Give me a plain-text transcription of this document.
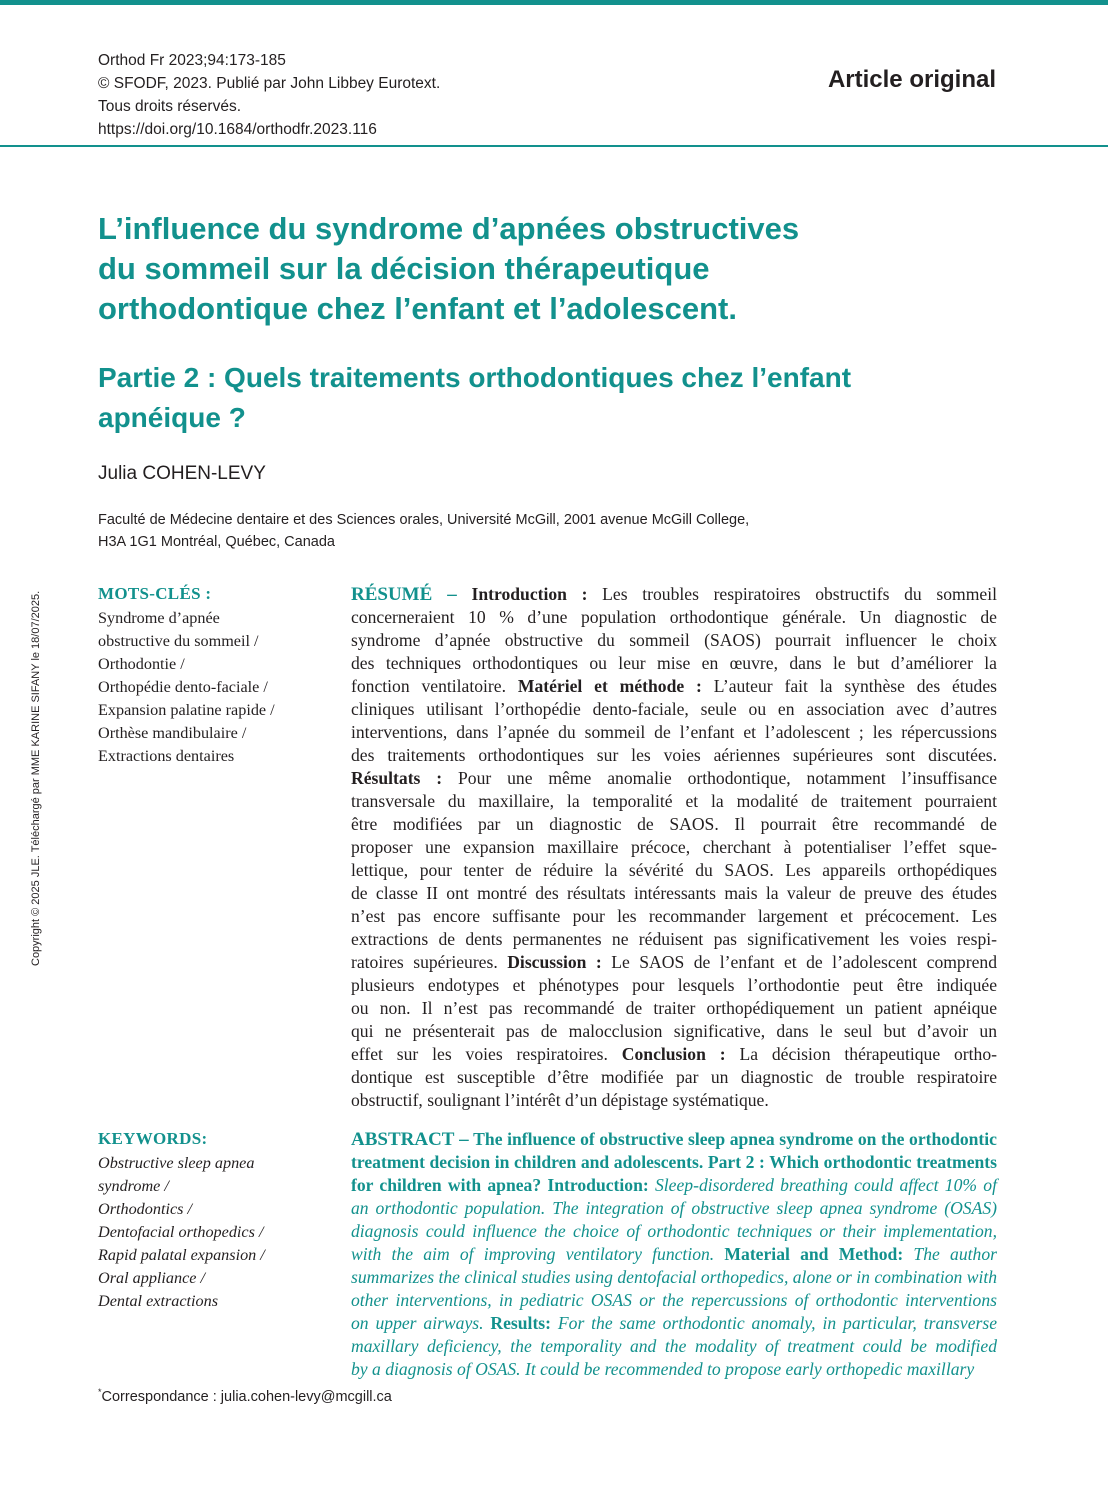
Orthod Fr 2023;94:173-185
© SFODF, 2023. Publié par John Libbey Eurotext.
Tous droits réservés.
https://doi.org/10.1684/orthodfr.2023.116
Article original
L’influence du syndrome d’apnées obstructives
du sommeil sur la décision thérapeutique
orthodontique chez l’enfant et l’adolescent.
Partie 2 : Quels traitements orthodontiques chez l’enfant
apnéique ?
Julia COHEN-LEVY
Faculté de Médecine dentaire et des Sciences orales, Université McGill, 2001 avenue McGill College,
H3A 1G1 Montréal, Québec, Canada
Copyright © 2025 JLE. Téléchargé par MME KARINE SIFANY le 18/07/2025.	MOTS-CLÉS :
Syndrome d’apnée
obstructive du sommeil /
Orthodontie /
Orthopédie dento-faciale /
Expansion palatine rapide /
Orthèse mandibulaire /
Extractions dentaires
RÉSUMÉ – Introduction : Les troubles respiratoires obstructifs du sommeil
concerneraient 10 % d’une population orthodontique générale. Un diagnostic de
syndrome d’apnée obstructive du sommeil (SAOS) pourrait influencer le choix
des techniques orthodontiques ou leur mise en œuvre, dans le but d’améliorer la
fonction ventilatoire. Matériel et méthode : L’auteur fait la synthèse des études
cliniques utilisant l’orthopédie dento-faciale, seule ou en association avec d’autres
interventions, dans l’apnée du sommeil de l’enfant et l’adolescent ; les répercussions
des traitements orthodontiques sur les voies aériennes supérieures sont discutées.
Résultats : Pour une même anomalie orthodontique, notamment l’insuffisance
transversale du maxillaire, la temporalité et la modalité de traitement pourraient
être modifiées par un diagnostic de SAOS. Il pourrait être recommandé de
proposer une expansion maxillaire précoce, cherchant à potentialiser l’effet sque-
lettique, pour tenter de réduire la sévérité du SAOS. Les appareils orthopédiques
de classe II ont montré des résultats intéressants mais la valeur de preuve des études
n’est pas encore suffisante pour les recommander largement et précocement. Les
extractions de dents permanentes ne réduisent pas significativement les voies respi-
ratoires supérieures. Discussion : Le SAOS de l’enfant et de l’adolescent comprend
plusieurs endotypes et phénotypes pour lesquels l’orthodontie peut être indiquée
ou non. Il n’est pas recommandé de traiter orthopédiquement un patient apnéique
qui ne présenterait pas de malocclusion significative, dans le seul but d’avoir un
effet sur les voies respiratoires. Conclusion : La décision thérapeutique ortho-
dontique est susceptible d’être modifiée par un diagnostic de trouble respiratoire
obstructif, soulignant l’intérêt d’un dépistage systématique.
KEYWORDS:
Obstructive sleep apnea
syndrome /
Orthodontics /
Dentofacial orthopedics /
Rapid palatal expansion /
Oral appliance /
Dental extractions
ABSTRACT – The influence of obstructive sleep apnea syndrome on the orthodontic
treatment decision in children and adolescents. Part 2 : Which orthodontic treatments
for children with apnea? Introduction: Sleep-disordered breathing could affect 10% of
an orthodontic population. The integration of obstructive sleep apnea syndrome (OSAS)
diagnosis could influence the choice of orthodontic techniques or their implementation,
with the aim of improving ventilatory function. Material and Method: The author
summarizes the clinical studies using dentofacial orthopedics, alone or in combination with
other interventions, in pediatric OSAS or the repercussions of orthodontic interventions
on upper airways. Results: For the same orthodontic anomaly, in particular, transverse
maxillary deficiency, the temporality and the modality of treatment could be modified
by a diagnosis of OSAS. It could be recommended to propose early orthopedic maxillary
*Correspondance : julia.cohen-levy@mcgill.ca
